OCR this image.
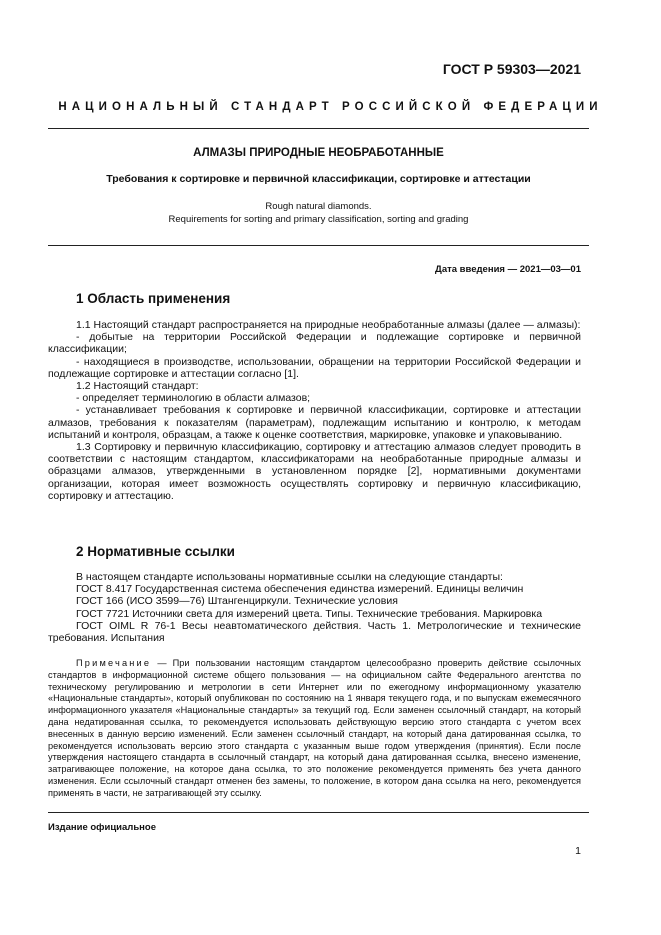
ГОСТ Р 59303—2021
НАЦИОНАЛЬНЫЙ СТАНДАРТ РОССИЙСКОЙ ФЕДЕРАЦИИ
АЛМАЗЫ ПРИРОДНЫЕ НЕОБРАБОТАННЫЕ
Требования к сортировке и первичной классификации, сортировке и аттестации
Rough natural diamonds.
Requirements for sorting and primary classification, sorting and grading
Дата введения — 2021—03—01
1 Область применения

1.1 Настоящий стандарт распространяется на природные необработанные алмазы (далее — алмазы):

- добытые на территории Российской Федерации и подлежащие сортировке и первичной классификации;

- находящиеся в производстве, использовании, обращении на территории Российской Федерации и подлежащие сортировке и аттестации согласно [1].

1.2 Настоящий стандарт:

- определяет терминологию в области алмазов;

- устанавливает требования к сортировке и первичной классификации, сортировке и аттестации алмазов, требования к показателям (параметрам), подлежащим испытанию и контролю, к методам испытаний и контроля, образцам, а также к оценке соответствия, маркировке, упаковке и упаковыванию.

1.3 Сортировку и первичную классификацию, сортировку и аттестацию алмазов следует проводить в соответствии с настоящим стандартом, классификаторами на необработанные природные алмазы и образцами алмазов, утвержденными в установленном порядке [2], нормативными документами организации, которая имеет возможность осуществлять сортировку и первичную классификацию, сортировку и аттестацию.

2 Нормативные ссылки

В настоящем стандарте использованы нормативные ссылки на следующие стандарты:

ГОСТ 8.417 Государственная система обеспечения единства измерений. Единицы величин

ГОСТ 166 (ИСО 3599—76) Штангенциркули. Технические условия

ГОСТ 7721 Источники света для измерений цвета. Типы. Технические требования. Маркировка

ГОСТ OIML R 76-1 Весы неавтоматического действия. Часть 1. Метрологические и технические требования. Испытания

Примечание — При пользовании настоящим стандартом целесообразно проверить действие ссылочных стандартов в информационной системе общего пользования — на официальном сайте Федерального агентства по техническому регулированию и метрологии в сети Интернет или по ежегодному информационному указателю «Национальные стандарты», который опубликован по состоянию на 1 января текущего года, и по выпускам ежемесячного информационного указателя «Национальные стандарты» за текущий год. Если заменен ссылочный стандарт, на который дана недатированная ссылка, то рекомендуется использовать действующую версию этого стандарта с учетом всех внесенных в данную версию изменений. Если заменен ссылочный стандарт, на который дана датированная ссылка, то рекомендуется использовать версию этого стандарта с указанным выше годом утверждения (принятия). Если после утверждения настоящего стандарта в ссылочный стандарт, на который дана датированная ссылка, внесено изменение, затрагивающее положение, на которое дана ссылка, то это положение рекомендуется применять без учета данного изменения. Если ссылочный стандарт отменен без замены, то положение, в котором дана ссылка на него, рекомендуется применять в части, не затрагивающей эту ссылку.
Издание официальное
1
